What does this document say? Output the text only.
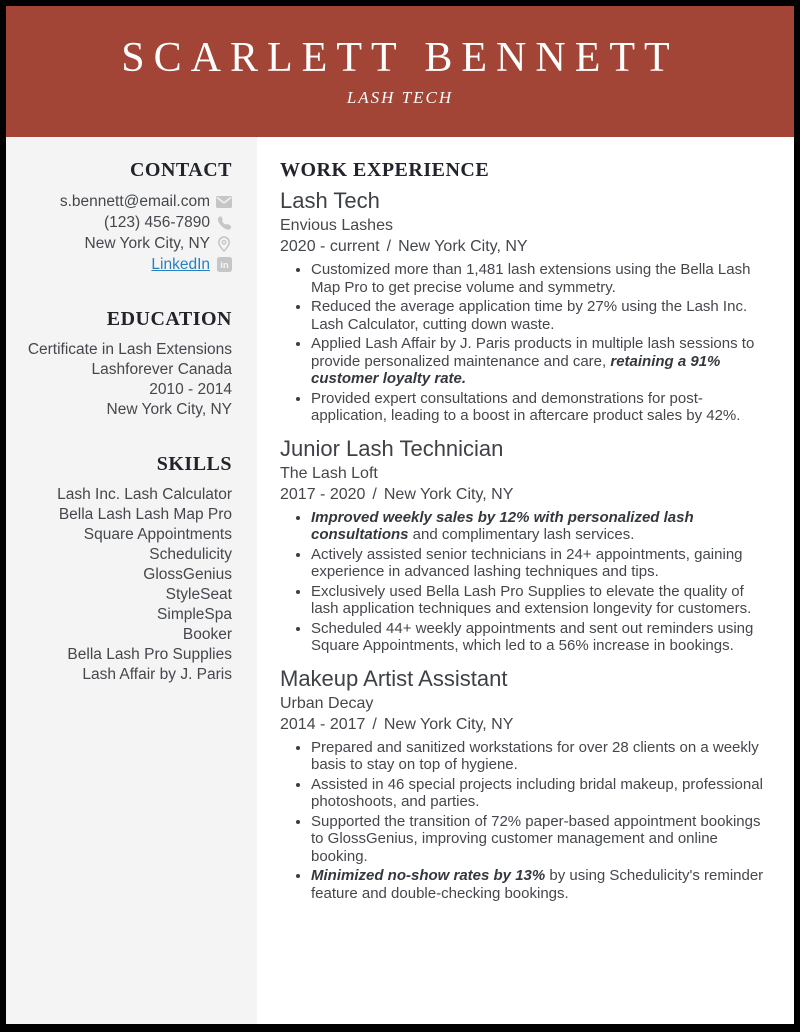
SCARLETT BENNETT
LASH TECH
CONTACT
s.bennett@email.com
(123) 456-7890
New York City, NY
LinkedIn in
EDUCATION
Certificate in Lash Extensions
Lashforever Canada
2010 - 2014
New York City, NY
SKILLS
Lash Inc. Lash Calculator
Bella Lash Lash Map Pro
Square Appointments
Schedulicity
GlossGenius
StyleSeat
SimpleSpa
Booker
Bella Lash Pro Supplies
Lash Affair by J. Paris
WORK EXPERIENCE
Lash Tech
Envious Lashes
2020 - current / New York City, NY
• Customized more than 1,481 lash extensions using the Bella Lash Map Pro to get precise volume and symmetry.
• Reduced the average application time by 27% using the Lash Inc. Lash Calculator, cutting down waste.
• Applied Lash Affair by J. Paris products in multiple lash sessions to provide personalized maintenance and care, retaining a 91% customer loyalty rate.
• Provided expert consultations and demonstrations for post-application, leading to a boost in aftercare product sales by 42%.
Junior Lash Technician
The Lash Loft
2017 - 2020 / New York City, NY
• Improved weekly sales by 12% with personalized lash consultations and complimentary lash services.
• Actively assisted senior technicians in 24+ appointments, gaining experience in advanced lashing techniques and tips.
• Exclusively used Bella Lash Pro Supplies to elevate the quality of lash application techniques and extension longevity for customers.
• Scheduled 44+ weekly appointments and sent out reminders using Square Appointments, which led to a 56% increase in bookings.
Makeup Artist Assistant
Urban Decay
2014 - 2017 / New York City, NY
• Prepared and sanitized workstations for over 28 clients on a weekly basis to stay on top of hygiene.
• Assisted in 46 special projects including bridal makeup, professional photoshoots, and parties.
• Supported the transition of 72% paper-based appointment bookings to GlossGenius, improving customer management and online booking.
• Minimized no-show rates by 13% by using Schedulicity's reminder feature and double-checking bookings.
